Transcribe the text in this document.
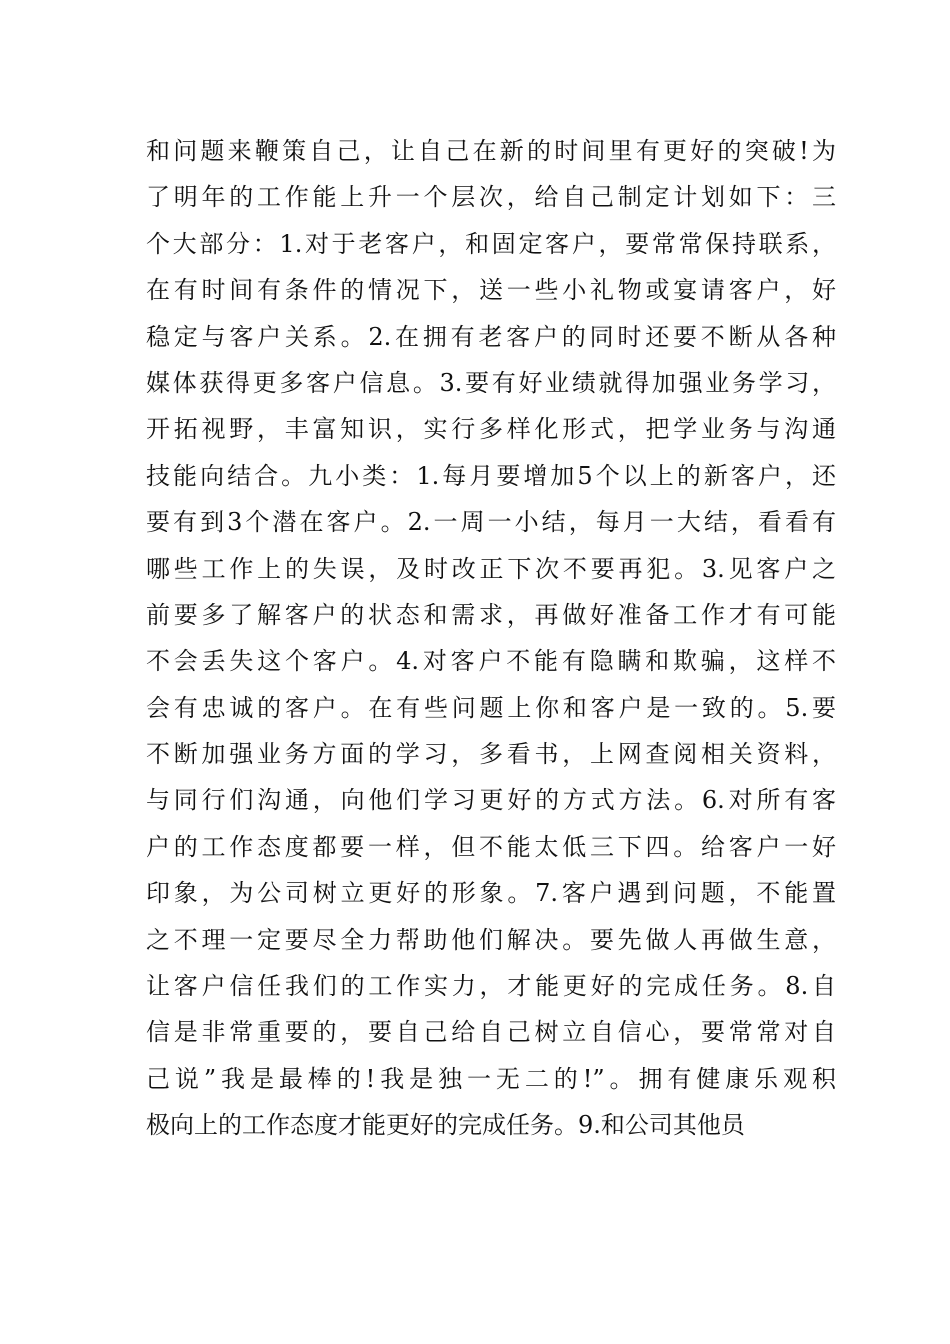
和问题来鞭策自己，让自己在新的时间里有更好的突破!为
了明年的工作能上升一个层次，给自己制定计划如下：三
个大部分：1.对于老客户，和固定客户，要常常保持联系，
在有时间有条件的情况下，送一些小礼物或宴请客户，好
稳定与客户关系。2.在拥有老客户的同时还要不断从各种
媒体获得更多客户信息。3.要有好业绩就得加强业务学习，
开拓视野，丰富知识，实行多样化形式，把学业务与沟通
技能向结合。九小类：1.每月要增加5个以上的新客户，还
要有到3个潜在客户。2.一周一小结，每月一大结，看看有
哪些工作上的失误，及时改正下次不要再犯。3.见客户之
前要多了解客户的状态和需求，再做好准备工作才有可能
不会丢失这个客户。4.对客户不能有隐瞒和欺骗，这样不
会有忠诚的客户。在有些问题上你和客户是一致的。5.要
不断加强业务方面的学习，多看书，上网查阅相关资料，
与同行们沟通，向他们学习更好的方式方法。6.对所有客
户的工作态度都要一样，但不能太低三下四。给客户一好
印象，为公司树立更好的形象。7.客户遇到问题，不能置
之不理一定要尽全力帮助他们解决。要先做人再做生意，
让客户信任我们的工作实力，才能更好的完成任务。8.自
信是非常重要的，要自己给自己树立自信心，要常常对自
己说”我是最棒的!我是独一无二的!”。拥有健康乐观积
极向上的工作态度才能更好的完成任务。9.和公司其他员
